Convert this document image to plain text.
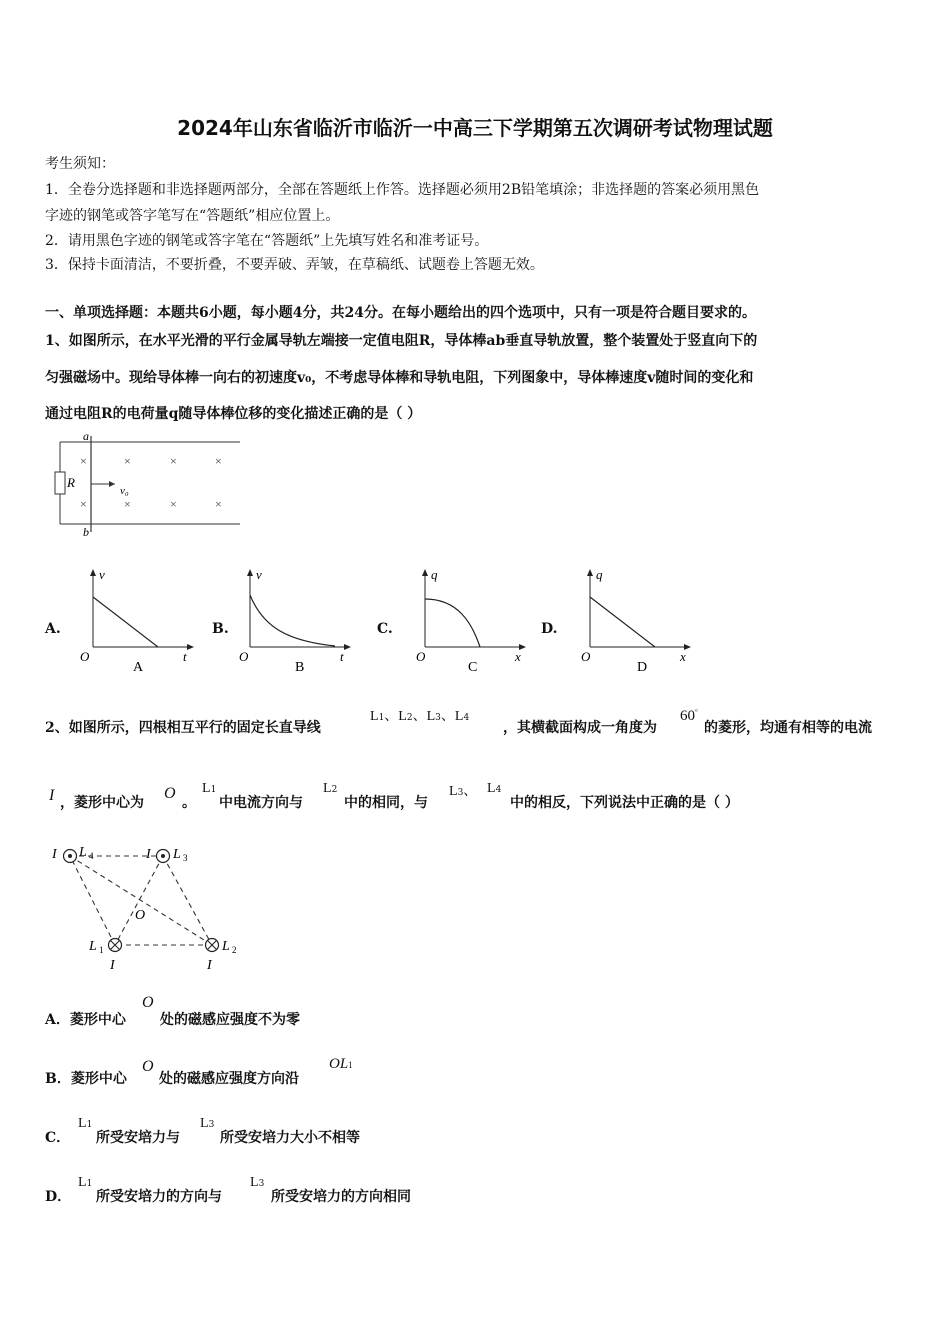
2024年山东省临沂市临沂一中高三下学期第五次调研考试物理试题
考生须知：
1．全卷分选择题和非选择题两部分，全部在答题纸上作答。选择题必须用2B铅笔填涂；非选择题的答案必须用黑色
字迹的钢笔或答字笔写在“答题纸”相应位置上。
2．请用黑色字迹的钢笔或答字笔在“答题纸”上先填写姓名和准考证号。
3．保持卡面清洁，不要折叠，不要弄破、弄皱，在草稿纸、试题卷上答题无效。
一、单项选择题：本题共6小题，每小题4分，共24分。在每小题给出的四个选项中，只有一项是符合题目要求的。
1、如图所示，在水平光滑的平行金属导轨左端接一定值电阻R，导体棒ab垂直导轨放置，整个装置处于竖直向下的
匀强磁场中。现给导体棒一向右的初速度v₀，不考虑导体棒和导轨电阻，下列图象中，导体棒速度v随时间的变化和
通过电阻R的电荷量q随导体棒位移的变化描述正确的是（ ）
R
a
b
v₀
×	×	×	×
×	×	×	×
A.
v
t
O
A
B.
v
t
O
B
C.
q
x
O
C
D.
q
x
O
D
2、如图所示，四根相互平行的固定长直导线
L1、L2、L3、L4
，其横截面构成一角度为
60°
的菱形，均通有相等的电流
I ，菱形中心为
O
。
L1
中电流方向与
L2
中的相同，与
L3、 L4
中的相反，下列说法中正确的是（ ）
I L 4	I L 3
O
L 1
I
L 2
I
A．菱形中心
O
处的磁感应强度不为零
B．菱形中心
O
处的磁感应强度方向沿
OL1
C．
L1
所受安培力与
L3
所受安培力大小不相等
D．
L1
所受安培力的方向与
L3
所受安培力的方向相同
